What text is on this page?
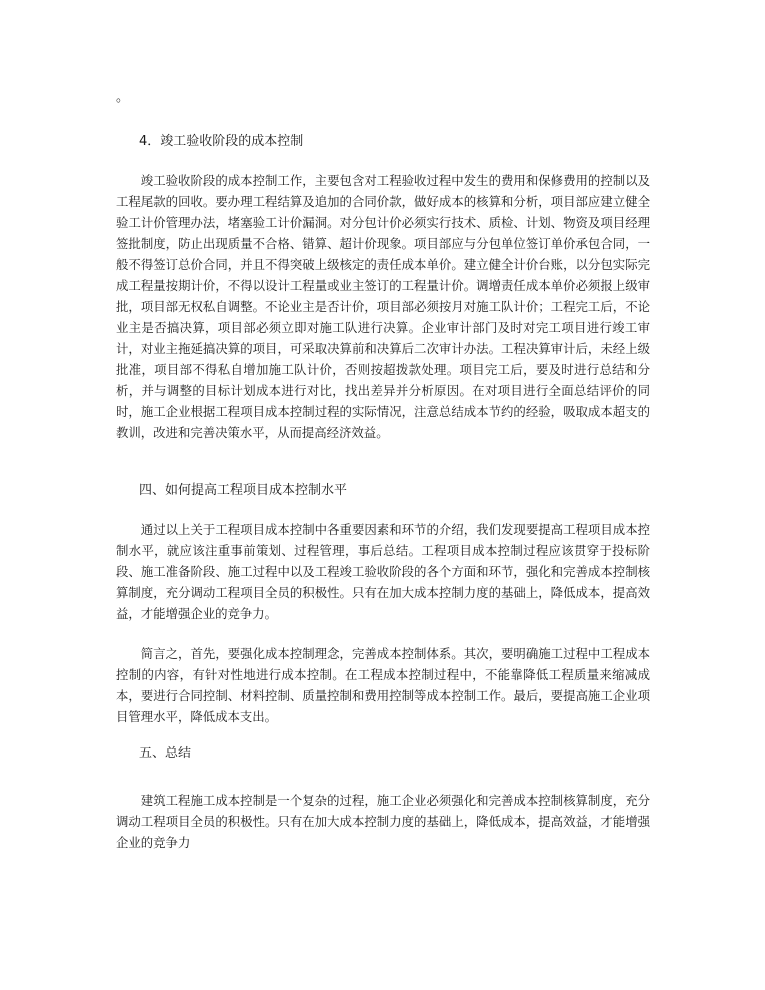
。
4．竣工验收阶段的成本控制

竣工验收阶段的成本控制工作，主要包含对工程验收过程中发生的费用和保修费用的控制以及工程尾款的回收。要办理工程结算及追加的合同价款，做好成本的核算和分析，项目部应建立健全验工计价管理办法，堵塞验工计价漏洞。对分包计价必须实行技术、质检、计划、物资及项目经理签批制度，防止出现质量不合格、错算、超计价现象。项目部应与分包单位签订单价承包合同，一般不得签订总价合同，并且不得突破上级核定的责任成本单价。建立健全计价台账，以分包实际完成工程量按期计价，不得以设计工程量或业主签订的工程量计价。调增责任成本单价必须报上级审批，项目部无权私自调整。不论业主是否计价，项目部必须按月对施工队计价；工程完工后，不论业主是否搞决算，项目部必须立即对施工队进行决算。企业审计部门及时对完工项目进行竣工审计，对业主拖延搞决算的项目，可采取决算前和决算后二次审计办法。工程决算审计后，未经上级批准，项目部不得私自增加施工队计价，否则按超拨款处理。项目完工后，要及时进行总结和分析，并与调整的目标计划成本进行对比，找出差异并分析原因。在对项目进行全面总结评价的同时，施工企业根据工程项目成本控制过程的实际情况，注意总结成本节约的经验，吸取成本超支的教训，改进和完善决策水平，从而提高经济效益。

四、如何提高工程项目成本控制水平

通过以上关于工程项目成本控制中各重要因素和环节的介绍，我们发现要提高工程项目成本控制水平，就应该注重事前策划、过程管理，事后总结。工程项目成本控制过程应该贯穿于投标阶段、施工准备阶段、施工过程中以及工程竣工验收阶段的各个方面和环节，强化和完善成本控制核算制度，充分调动工程项目全员的积极性。只有在加大成本控制力度的基础上，降低成本，提高效益，才能增强企业的竞争力。

简言之，首先，要强化成本控制理念，完善成本控制体系。其次，要明确施工过程中工程成本控制的内容，有针对性地进行成本控制。在工程成本控制过程中，不能靠降低工程质量来缩减成本，要进行合同控制、材料控制、质量控制和费用控制等成本控制工作。最后，要提高施工企业项目管理水平，降低成本支出。

五、总结

建筑工程施工成本控制是一个复杂的过程，施工企业必须强化和完善成本控制核算制度，充分调动工程项目全员的积极性。只有在加大成本控制力度的基础上，降低成本，提高效益，才能增强企业的竞争力
